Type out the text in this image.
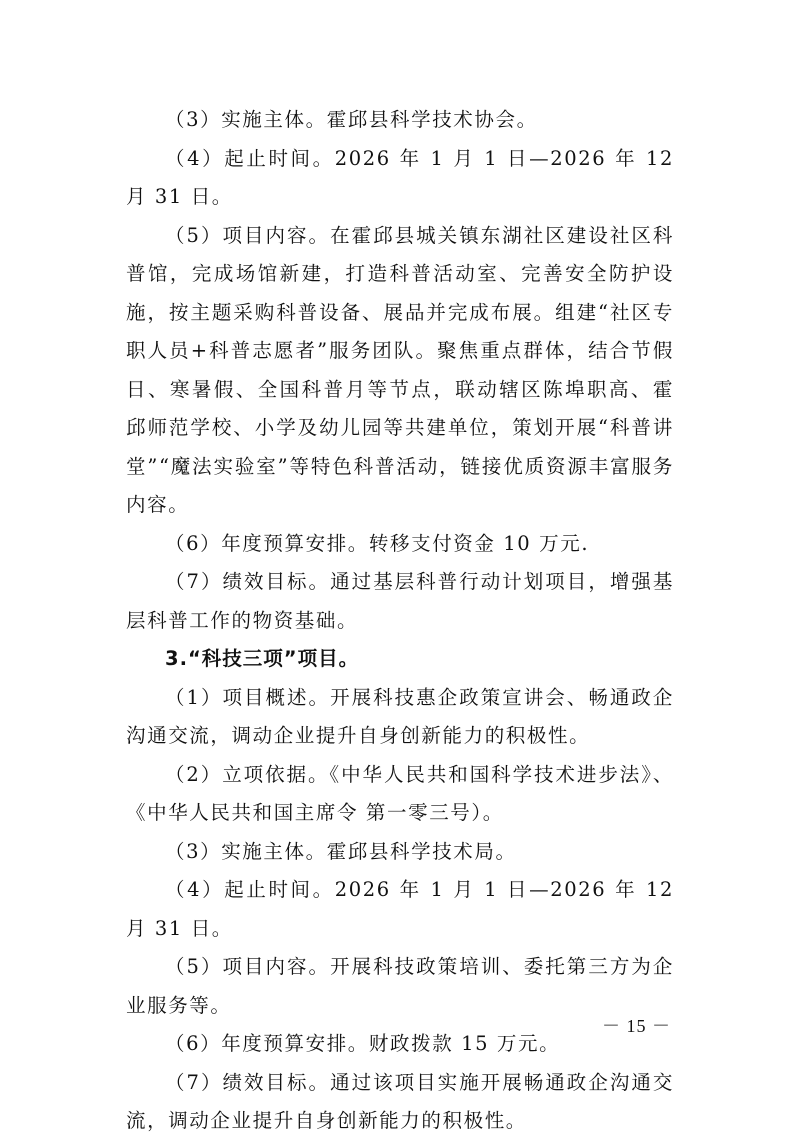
（3）实施主体。霍邱县科学技术协会。

（4）起止时间。2026 年 1 月 1 日—2026 年 12 月 31 日。

（5）项目内容。在霍邱县城关镇东湖社区建设社区科普馆，完成场馆新建，打造科普活动室、完善安全防护设施，按主题采购科普设备、展品并完成布展。组建“社区专职人员+科普志愿者”服务团队。聚焦重点群体，结合节假日、寒暑假、全国科普月等节点，联动辖区陈埠职高、霍邱师范学校、小学及幼儿园等共建单位，策划开展“科普讲堂”“魔法实验室”等特色科普活动，链接优质资源丰富服务内容。

（6）年度预算安排。转移支付资金 10 万元.

（7）绩效目标。通过基层科普行动计划项目，增强基层科普工作的物资基础。

3.“科技三项”项目。

（1）项目概述。开展科技惠企政策宣讲会、畅通政企沟通交流，调动企业提升自身创新能力的积极性。

（2）立项依据。《中华人民共和国科学技术进步法》、《中华人民共和国主席令 第一零三号）。

（3）实施主体。霍邱县科学技术局。

（4）起止时间。2026 年 1 月 1 日—2026 年 12 月 31 日。

（5）项目内容。开展科技政策培训、委托第三方为企业服务等。

（6）年度预算安排。财政拨款 15 万元。

（7）绩效目标。通过该项目实施开展畅通政企沟通交流，调动企业提升自身创新能力的积极性。

－ 15 －
